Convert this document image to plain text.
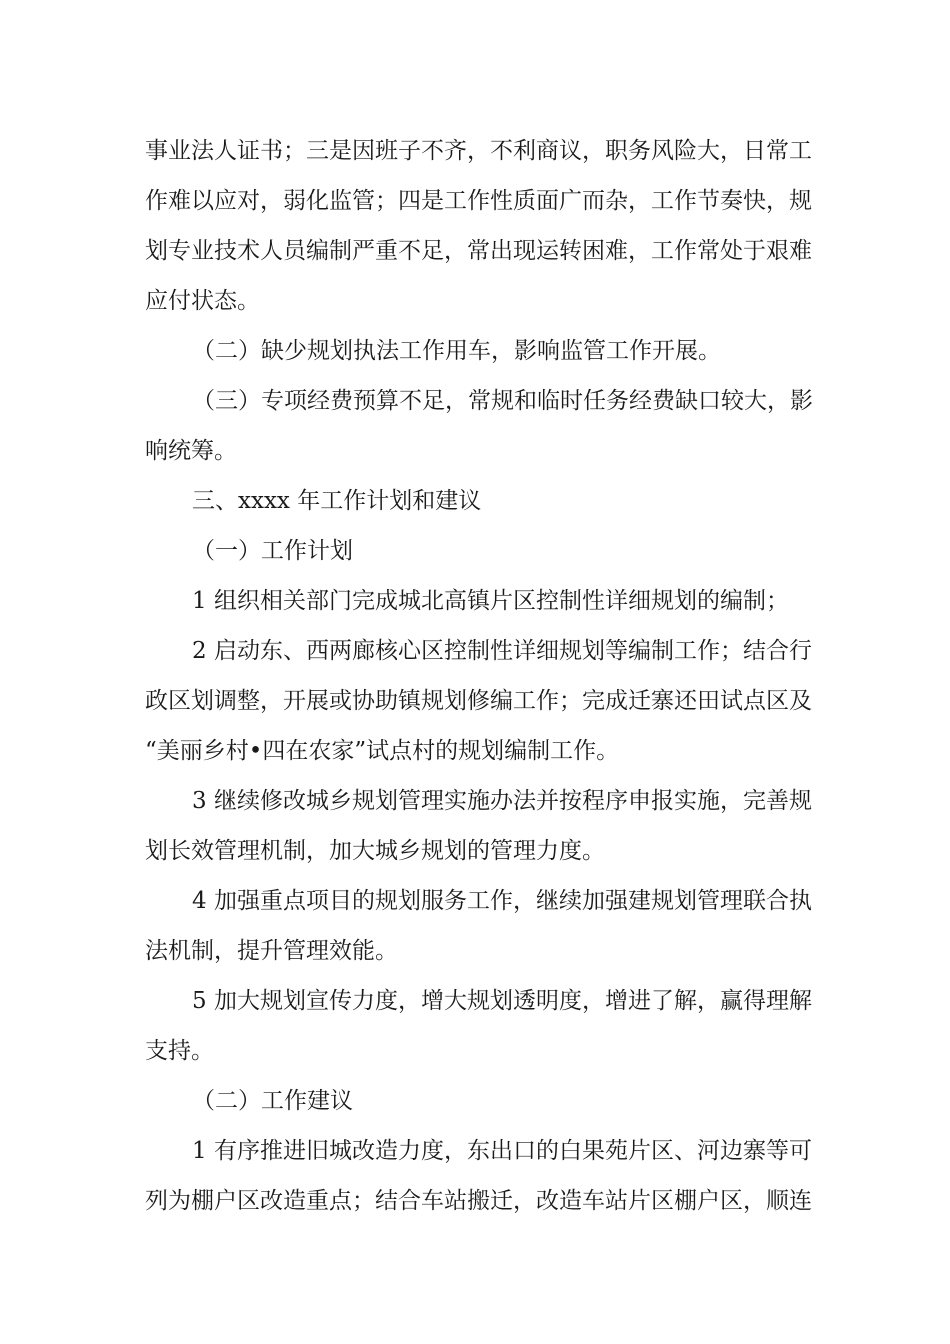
事业法人证书；三是因班子不齐，不利商议，职务风险大，日常工
作难以应对，弱化监管；四是工作性质面广而杂，工作节奏快，规
划专业技术人员编制严重不足，常出现运转困难，工作常处于艰难
应付状态。
（二）缺少规划执法工作用车，影响监管工作开展。
（三）专项经费预算不足，常规和临时任务经费缺口较大，影
响统筹。
三、xxxx 年工作计划和建议
（一）工作计划
1 组织相关部门完成城北高镇片区控制性详细规划的编制；
2 启动东、西两廊核心区控制性详细规划等编制工作；结合行
政区划调整，开展或协助镇规划修编工作；完成迁寨还田试点区及
“美丽乡村•四在农家”试点村的规划编制工作。
3 继续修改城乡规划管理实施办法并按程序申报实施，完善规
划长效管理机制，加大城乡规划的管理力度。
4 加强重点项目的规划服务工作，继续加强建规划管理联合执
法机制，提升管理效能。
5 加大规划宣传力度，增大规划透明度，增进了解，赢得理解
支持。
（二）工作建议
1 有序推进旧城改造力度，东出口的白果苑片区、河边寨等可
列为棚户区改造重点；结合车站搬迁，改造车站片区棚户区，顺连
